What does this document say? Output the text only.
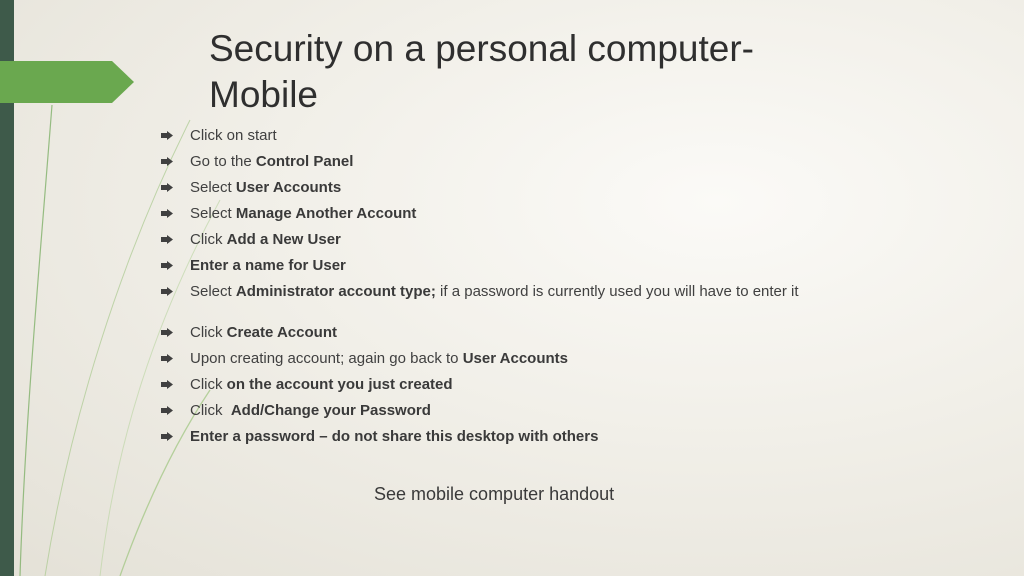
Security on a personal computer-
Mobile
Click on start
Go to the Control Panel
Select User Accounts
Select Manage Another Account
Click Add a New User
Enter a name for User
Select Administrator account type; if a password is currently used you will have to enter it
Click Create Account
Upon creating account; again go back to User Accounts
Click on the account you just created
Click  Add/Change your Password
Enter a password – do not share this desktop with others

See mobile computer handout
